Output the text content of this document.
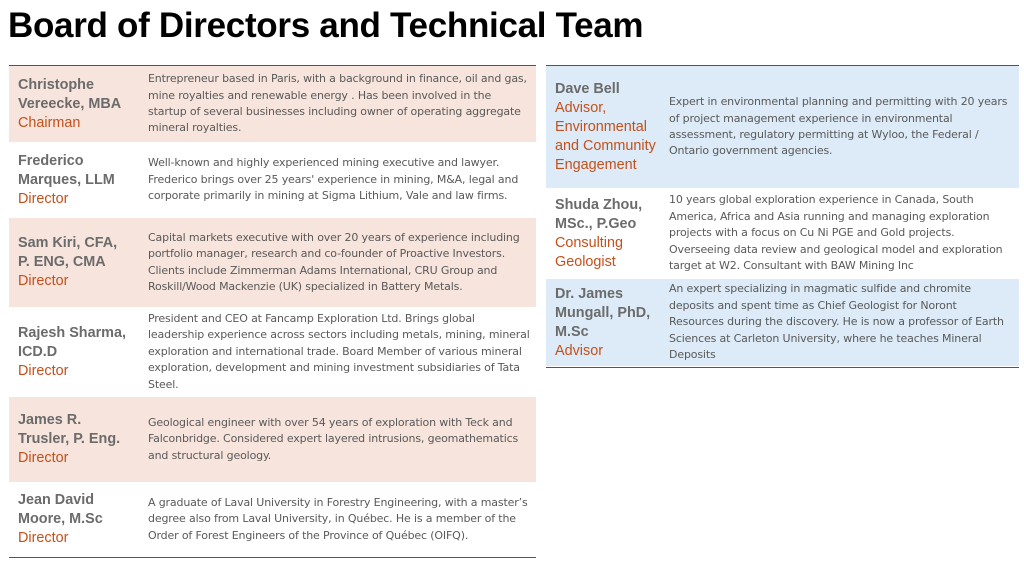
Board of Directors and Technical Team
Christophe Vereecke, MBA
Chairman
Entrepreneur based in Paris, with a background in finance, oil and gas, mine royalties and renewable energy . Has been involved in the startup of several businesses including owner of operating aggregate mineral royalties.
Frederico Marques, LLM
Director
Well-known and highly experienced mining executive and lawyer. Frederico brings over 25 years' experience in mining, M&A, legal and corporate primarily in mining at Sigma Lithium, Vale and law firms.
Sam Kiri, CFA, P. ENG, CMA
Director
Capital markets executive with over 20 years of experience including portfolio manager, research and co-founder of Proactive Investors. Clients include Zimmerman Adams International, CRU Group and Roskill/Wood Mackenzie (UK) specialized in Battery Metals.
Rajesh Sharma, ICD.D
Director
President and CEO at Fancamp Exploration Ltd. Brings global leadership experience across sectors including metals, mining, mineral exploration and international trade. Board Member of various mineral exploration, development and mining investment subsidiaries of Tata Steel.
James R. Trusler, P. Eng.
Director
Geological engineer with over 54 years of exploration with Teck and Falconbridge. Considered expert layered intrusions, geomathematics and structural geology.
Jean David Moore, M.Sc
Director
A graduate of Laval University in Forestry Engineering, with a master’s degree also from Laval University, in Québec. He is a member of the Order of Forest Engineers of the Province of Québec (OIFQ).
Dave Bell
Advisor, Environmental and Community Engagement
Expert in environmental planning and permitting with 20 years of project management experience in environmental assessment, regulatory permitting at Wyloo, the Federal / Ontario government agencies.
Shuda Zhou, MSc., P.Geo
Consulting Geologist
10 years global exploration experience in Canada, South America, Africa and Asia running and managing exploration projects with a focus on Cu Ni PGE and Gold projects. Overseeing data review and geological model and exploration target at W2. Consultant with BAW Mining Inc
Dr. James Mungall, PhD, M.Sc
Advisor
An expert specializing in magmatic sulfide and chromite deposits and spent time as Chief Geologist for Noront Resources during the discovery. He is now a professor of Earth Sciences at Carleton University, where he teaches Mineral Deposits
